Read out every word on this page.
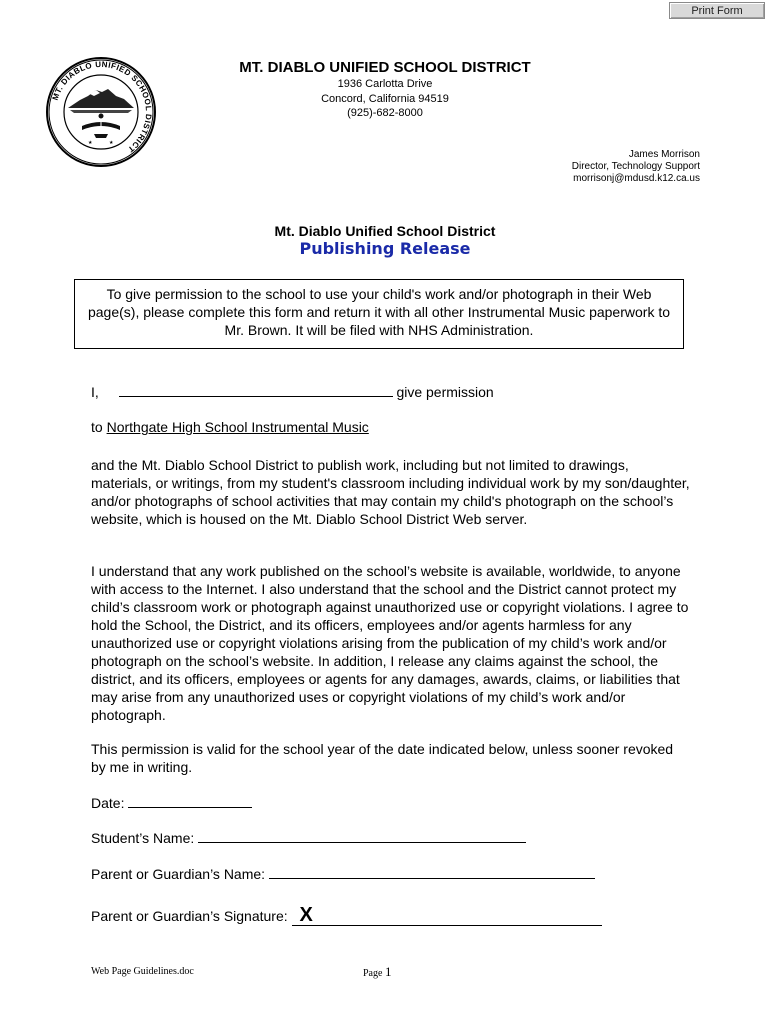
Print Form
MT. DIABLO UNIFIED SCHOOL DISTRICT
★	★
MT. DIABLO UNIFIED SCHOOL DISTRICT
1936 Carlotta Drive
Concord, California 94519
(925)-682-8000
James Morrison
Director, Technology Support
morrisonj@mdusd.k12.ca.us
Mt. Diablo Unified School District
Publishing Release
To give permission to the school to use your child's work and/or photograph in their Web page(s), please complete this form and return it with all other Instrumental Music paperwork to Mr. Brown. It will be filed with NHS Administration.
I,	give permission
to Northgate High School Instrumental Music
and the Mt. Diablo School District to publish work, including but not limited to drawings, materials, or writings, from my student's classroom including individual work by my son/daughter, and/or photographs of school activities that may contain my child's photograph on the school’s website, which is housed on the Mt. Diablo School District Web server.
I understand that any work published on the school’s website is available, worldwide, to anyone with access to the Internet. I also understand that the school and the District cannot protect my child’s classroom work or photograph against unauthorized use or copyright violations. I agree to hold the School, the District, and its officers, employees and/or agents harmless for any unauthorized use or copyright violations arising from the publication of my child’s work and/or photograph on the school’s website. In addition, I release any claims against the school, the district, and its officers, employees or agents for any damages, awards, claims, or liabilities that may arise from any unauthorized uses or copyright violations of my child’s work and/or photograph.
This permission is valid for the school year of the date indicated below, unless sooner revoked by me in writing.
Date:
Student’s Name:
Parent or Guardian’s Name:
Parent or Guardian’s Signature: X
Web Page Guidelines.doc	Page 1
